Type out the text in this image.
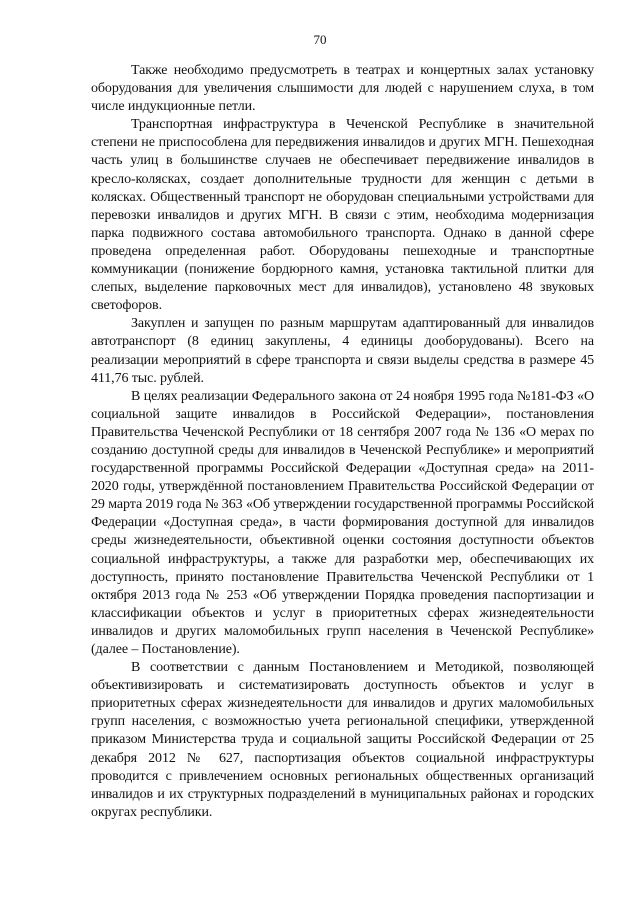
70

Также необходимо предусмотреть в театрах и концертных залах установку оборудования для увеличения слышимости для людей с нарушением слуха, в том числе индукционные петли.

Транспортная инфраструктура в Чеченской Республике в значительной степени не приспособлена для передвижения инвалидов и других МГН. Пешеходная часть улиц в большинстве случаев не обеспечивает передвижение инвалидов в кресло-колясках, создает дополнительные трудности для женщин с детьми в колясках. Общественный транспорт не оборудован специальными устройствами для перевозки инвалидов и других МГН. В связи с этим, необходима модернизация парка подвижного состава автомобильного транспорта. Однако в данной сфере проведена определенная работ. Оборудованы пешеходные и транспортные коммуникации (понижение бордюрного камня, установка тактильной плитки для слепых, выделение парковочных мест для инвалидов), установлено 48 звуковых светофоров.

Закуплен и запущен по разным маршрутам адаптированный для инвалидов автотранспорт (8 единиц закуплены, 4 единицы дооборудованы). Всего на реализации мероприятий в сфере транспорта и связи выделы средства в размере 45 411,76 тыс. рублей.

В целях реализации Федерального закона от 24 ноября 1995 года №181-ФЗ «О социальной защите инвалидов в Российской Федерации», постановления Правительства Чеченской Республики от 18 сентября 2007 года № 136 «О мерах по созданию доступной среды для инвалидов в Чеченской Республике» и мероприятий государственной программы Российской Федерации «Доступная среда» на 2011-2020 годы, утверждённой постановлением Правительства Российской Федерации от 29 марта 2019 года № 363 «Об утверждении государственной программы Российской Федерации «Доступная среда», в части формирования доступной для инвалидов среды жизнедеятельности, объективной оценки состояния доступности объектов социальной инфраструктуры, а также для разработки мер, обеспечивающих их доступность, принято постановление Правительства Чеченской Республики от 1 октября 2013 года № 253 «Об утверждении Порядка проведения паспортизации и классификации объектов и услуг в приоритетных сферах жизнедеятельности инвалидов и других маломобильных групп населения в Чеченской Республике» (далее – Постановление).

В соответствии с данным Постановлением и Методикой, позволяющей объективизировать и систематизировать доступность объектов и услуг в приоритетных сферах жизнедеятельности для инвалидов и других маломобильных групп населения, с возможностью учета региональной специфики, утвержденной приказом Министерства труда и социальной защиты Российской Федерации от 25 декабря 2012 № 627, паспортизация объектов социальной инфраструктуры проводится с привлечением основных региональных общественных организаций инвалидов и их структурных подразделений в муниципальных районах и городских округах республики.
